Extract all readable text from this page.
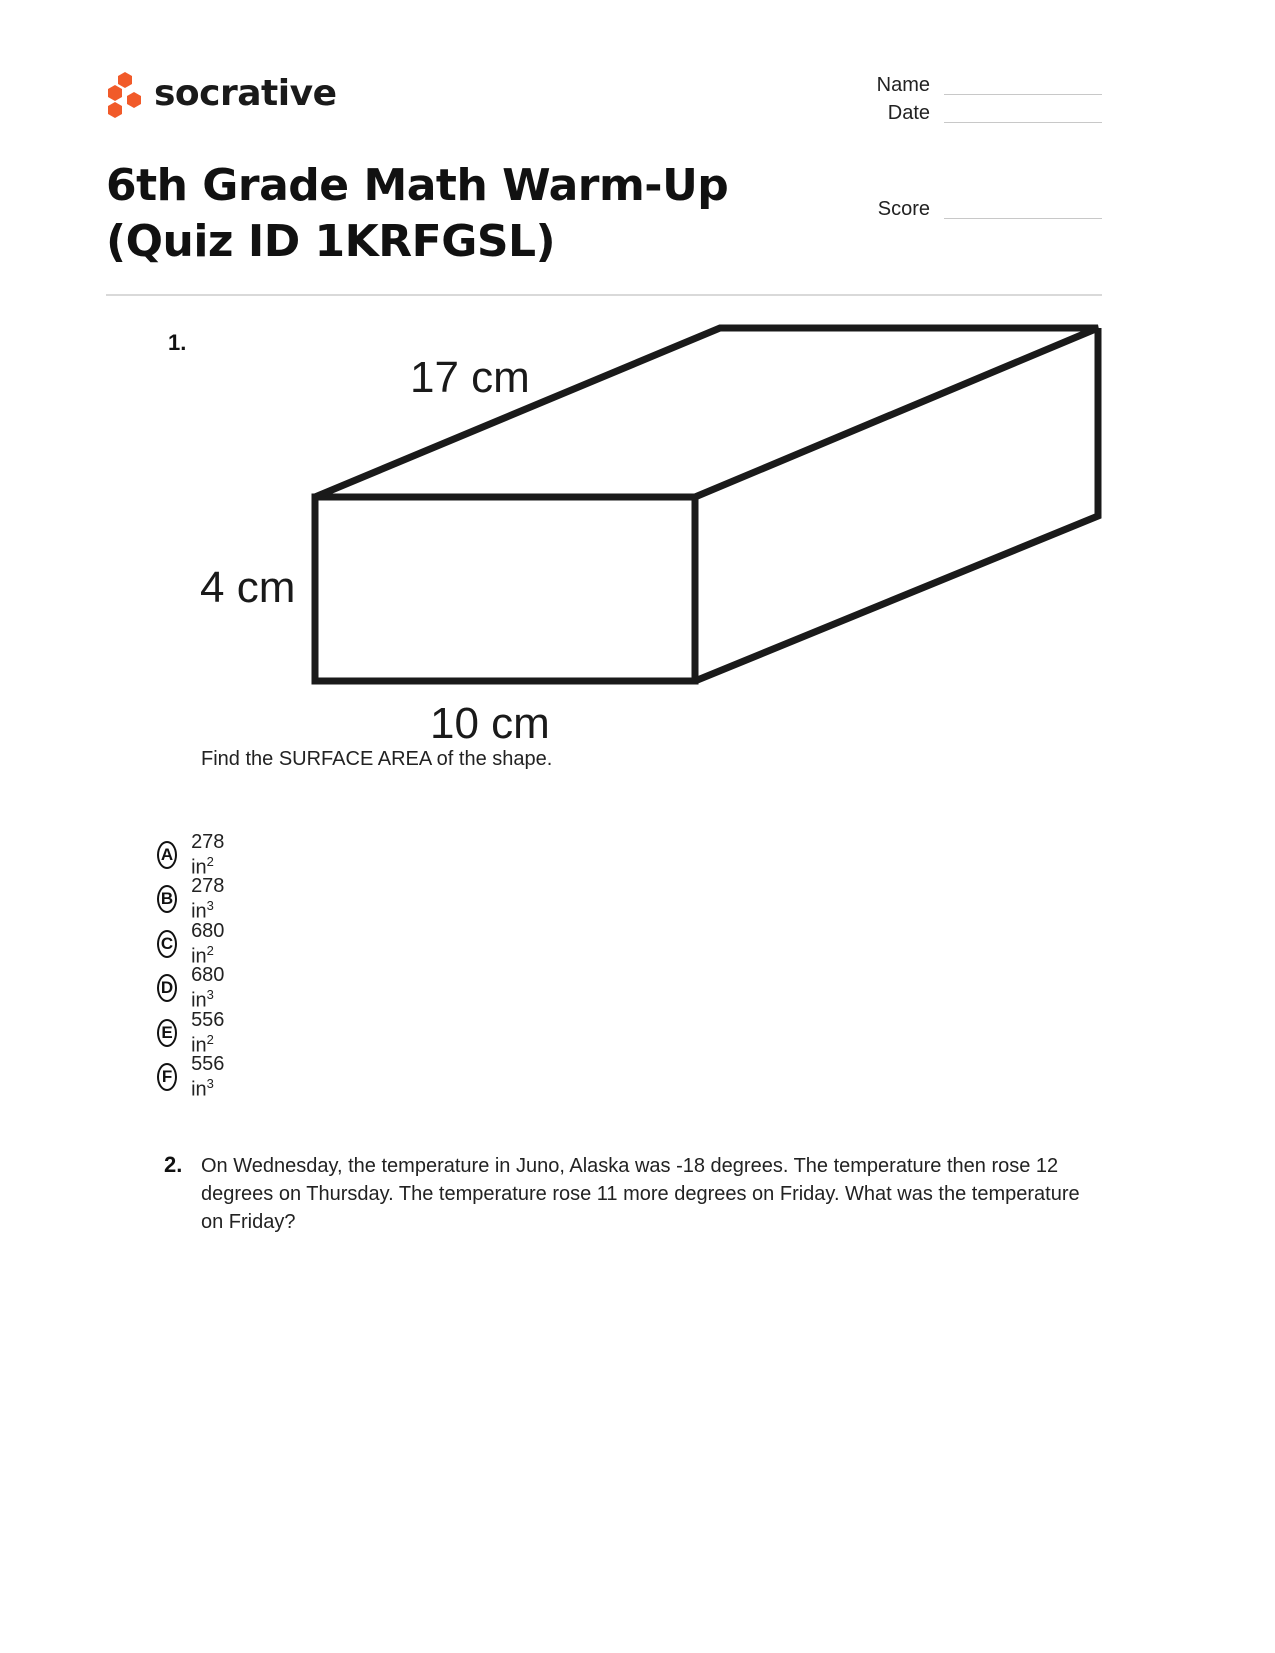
socrative	Name
Date
Score
6th Grade Math Warm-Up (Quiz ID 1KRFGSL)
1.
17 cm
4 cm
10 cm
Find the SURFACE AREA of the shape.
A
278 $in^2$
B
278 $in^3$
C
680 $in^2$
D
680 $in^3$
E
556 $in^2$
F
556 $in^3$
2. On Wednesday, the temperature in Juno, Alaska was -18 degrees. The temperature then rose 12 degrees on Thursday. The temperature rose 11 more degrees on Friday. What was the temperature on Friday?
